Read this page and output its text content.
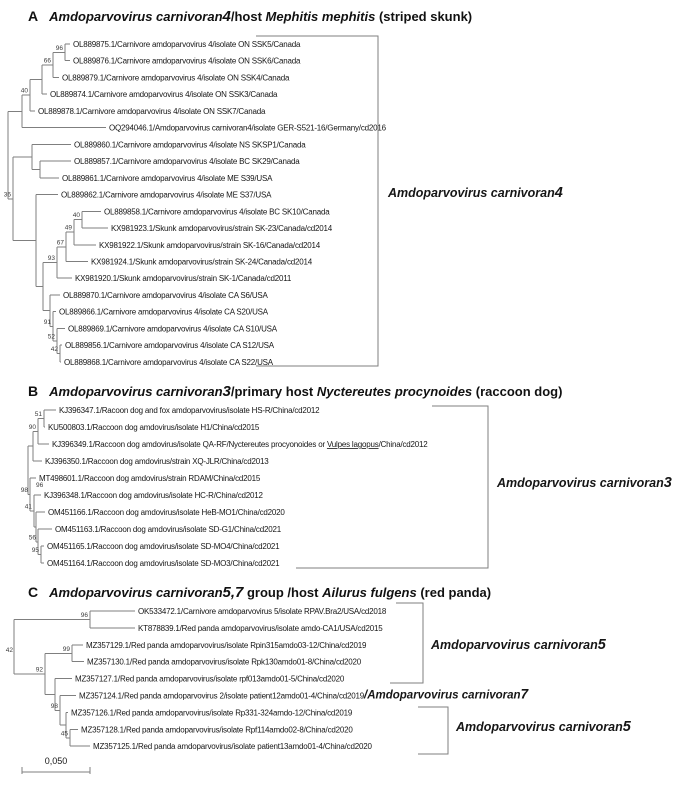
A Amdoparvovirus carnivoran4/host Mephitis mephitis (striped skunk)
B Amdoparvovirus carnivoran3/primary host Nyctereutes procynoides (raccoon dog)
C Amdoparvovirus carnivoran5,7 group /host Ailurus fulgens (red panda)
40
66
96 OL889875.1/Carnivore amdoparvovirus 4/isolate ON SSK5/Canada
OL889876.1/Carnivore amdoparvovirus 4/isolate ON SSK6/Canada
OL889879.1/Carnivore amdoparvovirus 4/isolate ON SSK4/Canada
OL889874.1/Carnivore amdoparvovirus 4/isolate ON SSK3/Canada
OL889878.1/Carnivore amdoparvovirus 4/isolate ON SSK7/Canada
OQ294046.1/Amdoparvovirus carnivoran4/isolate GER-S521-16/Germany/cd2016
36
OL889860.1/Carnivore amdoparvovirus 4/isolate NS SKSP1/Canada
OL889857.1/Carnivore amdoparvovirus 4/isolate BC SK29/Canada
OL889861.1/Carnivore amdoparvovirus 4/isolate ME S39/USA
OL889862.1/Carnivore amdoparvovirus 4/isolate ME S37/USA
93
67
49
40	OL889858.1/Carnivore amdoparvovirus 4/isolate BC SK10/Canada
KX981923.1/Skunk amdoparvovirus/strain SK-23/Canada/cd2014
KX981922.1/Skunk amdoparvovirus/strain SK-16/Canada/cd2014
KX981924.1/Skunk amdoparvovirus/strain SK-24/Canada/cd2014
KX981920.1/Skunk amdoparvovirus/strain SK-1/Canada/cd2011
OL889870.1/Carnivore amdoparvovirus 4/isolate CA S6/USA
91
OL889866.1/Carnivore amdoparvovirus 4/isolate CA S20/USA
52
OL889869.1/Carnivore amdoparvovirus 4/isolate CA S10/USA
42 OL889856.1/Carnivore amdoparvovirus 4/isolate CA S12/USA
OL889868.1/Carnivore amdoparvovirus 4/isolate CA S22/USA
Amdoparvovirus carnivoran4
90
51 KJ396347.1/Racoon dog and fox amdoparvovirus/isolate HS-R/China/cd2012
KU500803.1/Raccoon dog amdovirus/isolate H1/China/cd2015
KJ396349.1/Raccoon dog amdovirus/isolate QA-RF/Nyctereutes procyonoides or Vulpes lagopus/China/cd2012
KJ396350.1/Raccoon dog amdovirus/strain XQ-JLR/China/cd2013
98
MT498601.1/Raccoon dog amdovirus/strain RDAM/China/cd2015
41
KJ396348.1/Raccoon dog amdovirus/isolate HC-R/China/cd2012
OM451166.1/Raccoon dog amdovirus/isolate HeB-MO1/China/cd2020
56
OM451163.1/Raccoon dog amdovirus/isolate SD-G1/China/cd2021
95 OM451165.1/Raccoon dog amdovirus/isolate SD-MO4/China/cd2021
OM451164.1/Raccoon dog amdovirus/isolate SD-MO3/China/cd2021
Amdoparvovirus carnivoran3
96
96	OK533472.1/Carnivore amdoparvovirus 5/isolate RPAV.Bra2/USA/cd2018
KT878839.1/Red panda amdoparvovirus/isolate amdo-CA1/USA/cd2015
92
99 MZ357129.1/Red panda amdoparvovirus/isolate Rpin315amdo03-12/China/cd2019
MZ357130.1/Red panda amdoparvovirus/isolate Rpk130amdo01-8/China/cd2020
MZ357127.1/Red panda amdoparvovirus/isolate rpf013amdo01-5/China/cd2020
98
MZ357124.1/Red panda amdoparvovirus 2/isolate patient12amdo01-4/China/cd2019/Amdoparvovirus carnivoran7
MZ357126.1/Red panda amdoparvovirus/isolate Rp331-324amdo-12/China/cd2019
45 MZ357128.1/Red panda amdoparvovirus/isolate Rpf114amdo02-8/China/cd2020
MZ357125.1/Red panda amdoparvovirus/isolate patient13amdo01-4/China/cd2020
Amdoparvovirus carnivoran5
Amdoparvovirus carnivoran5
42
0,050
